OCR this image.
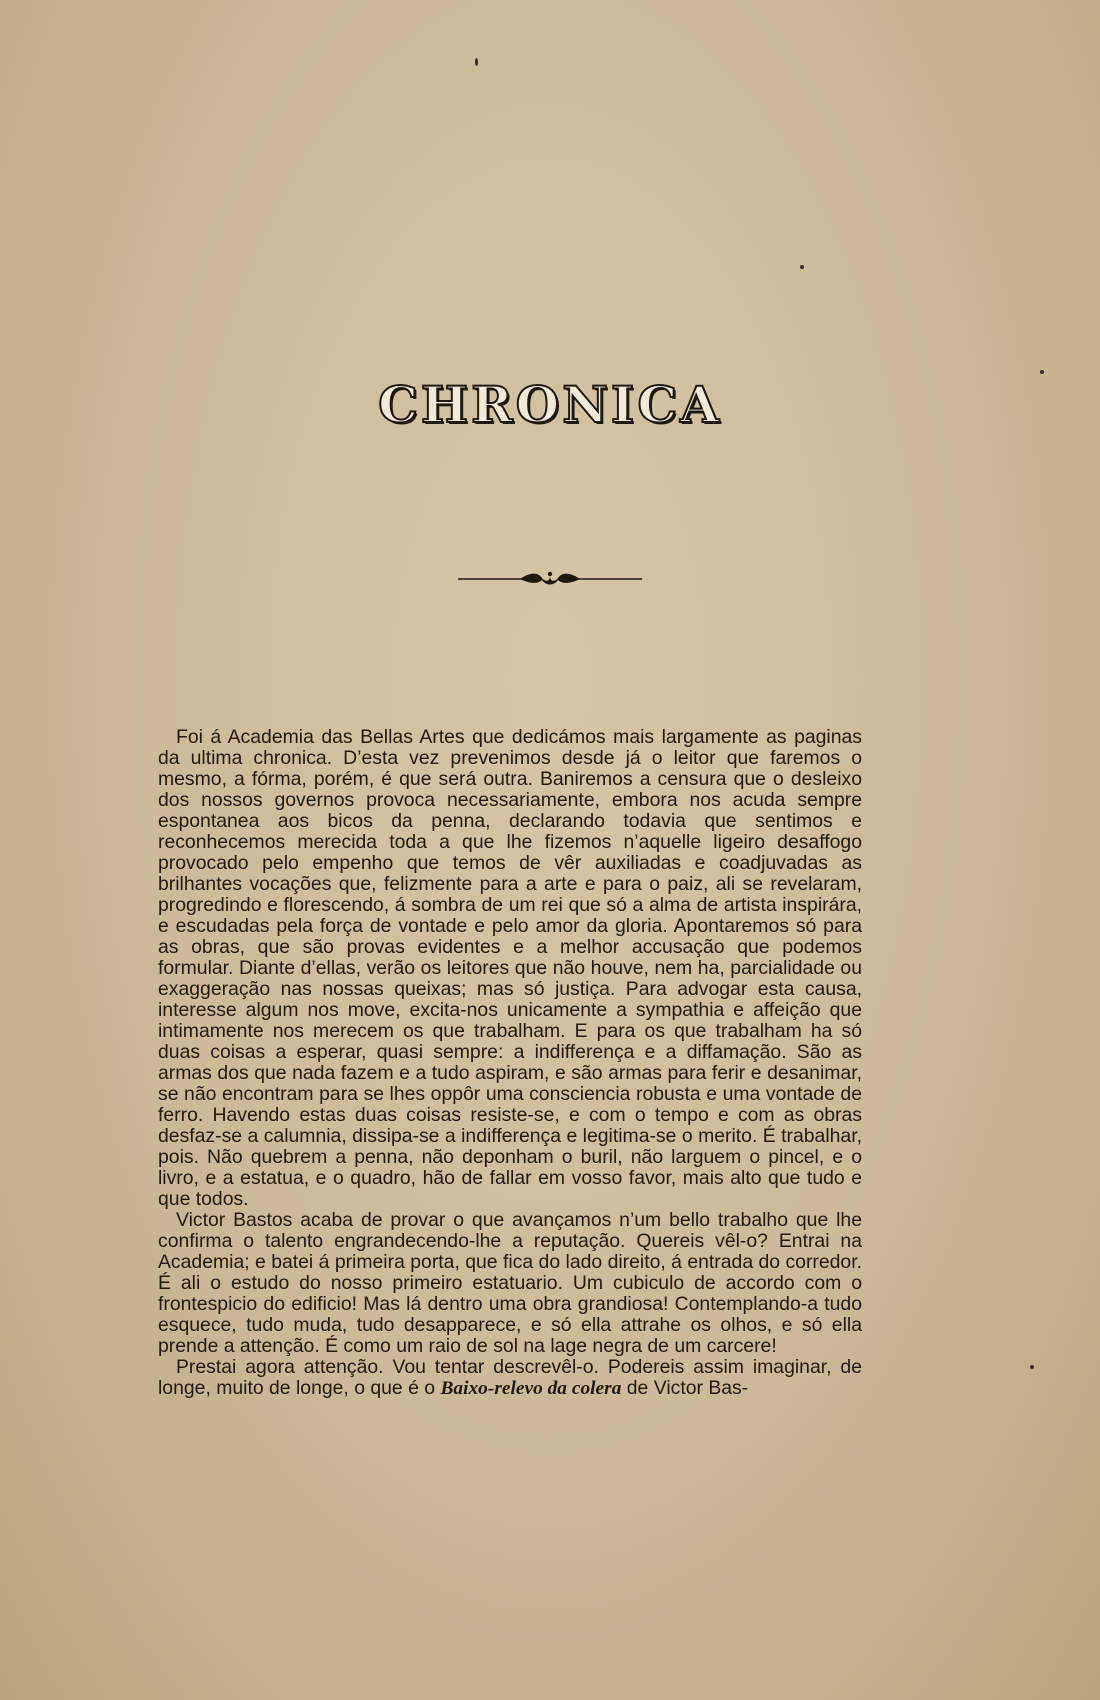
CHRONICA

Foi á Academia das Bellas Artes que dedicámos mais largamente as paginas da ultima chronica. D’esta vez prevenimos desde já o leitor que faremos o mesmo, a fórma, porém, é que será outra. Baniremos a censura que o desleixo dos nossos governos provoca necessariamente, embora nos acuda sempre espontanea aos bicos da penna, declarando todavia que sentimos e reconhecemos merecida toda a que lhe fizemos n’aquelle ligeiro desaffogo provocado pelo empenho que temos de vêr auxiliadas e coadjuvadas as brilhantes vocações que, felizmente para a arte e para o paiz, ali se revelaram, progredindo e florescendo, á sombra de um rei que só a alma de artista inspirára, e escudadas pela força de vontade e pelo amor da gloria. Apontaremos só para as obras, que são provas evidentes e a melhor accusação que podemos formular. Diante d’ellas, verão os leitores que não houve, nem ha, parcialidade ou exaggeração nas nossas queixas; mas só justiça. Para advogar esta causa, interesse algum nos move, excita-nos unicamente a sympathia e affeição que intimamente nos merecem os que trabalham. E para os que trabalham ha só duas coisas a esperar, quasi sempre: a indifferença e a diffamação. São as armas dos que nada fazem e a tudo aspiram, e são armas para ferir e desanimar, se não encontram para se lhes oppôr uma consciencia robusta e uma vontade de ferro. Havendo estas duas coisas resiste-se, e com o tempo e com as obras desfaz-se a calumnia, dissipa-se a indifferença e legitima-se o merito. É trabalhar, pois. Não quebrem a penna, não deponham o buril, não larguem o pincel, e o livro, e a estatua, e o quadro, hão de fallar em vosso favor, mais alto que tudo e que todos.

Victor Bastos acaba de provar o que avançamos n’um bello trabalho que lhe confirma o talento engrandecendo-lhe a reputação. Quereis vêl-o? Entrai na Academia; e batei á primeira porta, que fica do lado direito, á entrada do corredor. É ali o estudo do nosso primeiro estatuario. Um cubiculo de accordo com o frontespicio do edificio! Mas lá dentro uma obra grandiosa! Contemplando-a tudo esquece, tudo muda, tudo desapparece, e só ella attrahe os olhos, e só ella prende a attenção. É como um raio de sol na lage negra de um carcere!

Prestai agora attenção. Vou tentar descrevêl-o. Podereis assim imaginar, de longe, muito de longe, o que é o Baixo-relevo da colera de Victor Bas-
